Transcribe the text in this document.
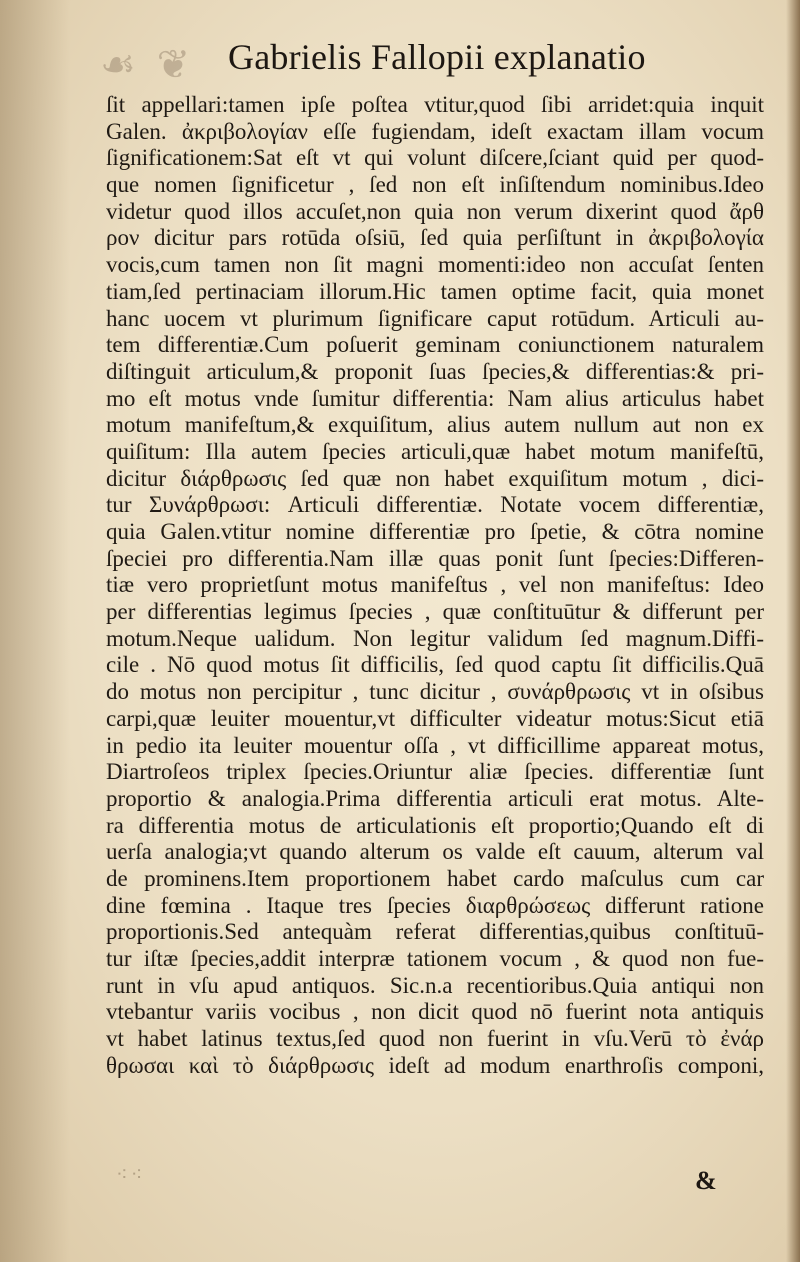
☙ ❦ Gabrielis Fallopii explanatio
ſit appellari:tamen ipſe poſtea vtitur,quod ſibi arridet:quia inquit
Galen. ἀκριβολογίαν eſſe fugiendam, ideſt exactam illam vocum
ſignificationem:Sat eſt vt qui volunt diſcere,ſciant quid per quod-
que nomen ſignificetur , ſed non eſt inſiſtendum nominibus.Ideo
videtur quod illos accuſet,non quia non verum dixerint quod ἄρθ
ρον dicitur pars rotūda oſsiū, ſed quia perſiſtunt in ἀκριβολογία
vocis,cum tamen non ſit magni momenti:ideo non accuſat ſenten
tiam,ſed pertinaciam illorum.Hic tamen optime facit, quia monet
hanc uocem vt plurimum ſignificare caput rotūdum. Articuli au-
tem differentiæ.Cum poſuerit geminam coniunctionem naturalem
diſtinguit articulum,& proponit ſuas ſpecies,& differentias:& pri-
mo eſt motus vnde ſumitur differentia: Nam alius articulus habet
motum manifeſtum,& exquiſitum, alius autem nullum aut non ex
quiſitum: Illa autem ſpecies articuli,quæ habet motum manifeſtū,
dicitur διάρθρωσις ſed quæ non habet exquiſitum motum , dici-
tur Συνάρθρωσι: Articuli differentiæ. Notate vocem differentiæ,
quia Galen.vtitur nomine differentiæ pro ſpetie, & cōtra nomine
ſpeciei pro differentia.Nam illæ quas ponit ſunt ſpecies:Differen-
tiæ vero proprietſunt motus manifeſtus , vel non manifeſtus: Ideo
per differentias legimus ſpecies , quæ conſtituūtur & differunt per
motum.Neque ualidum. Non legitur validum ſed magnum.Diffi-
cile . Nō quod motus ſit difficilis, ſed quod captu ſit difficilis.Quā
do motus non percipitur , tunc dicitur , συνάρθρωσις vt in oſsibus
carpi,quæ leuiter mouentur,vt difficulter videatur motus:Sicut etiā
in pedio ita leuiter mouentur oſſa , vt difficillime appareat motus,
Diartroſeos triplex ſpecies.Oriuntur aliæ ſpecies. differentiæ ſunt
proportio & analogia.Prima differentia articuli erat motus. Alte-
ra differentia motus de articulationis eſt proportio;Quando eſt di
uerſa analogia;vt quando alterum os valde eſt cauum, alterum val
de prominens.Item proportionem habet cardo maſculus cum car
dine fœmina . Itaque tres ſpecies διαρθρώσεως differunt ratione
proportionis.Sed antequàm referat differentias,quibus conſtituū-
tur iſtæ ſpecies,addit interpræ tationem vocum , & quod non fue-
runt in vſu apud antiquos. Sic.n.a recentioribus.Quia antiqui non
vtebantur variis vocibus , non dicit quod nō fuerint nota antiquis
vt habet latinus textus,ſed quod non fuerint in vſu.Verū τὸ ἐνάρ
θρωσαι καὶ τὸ διάρθρωσις ideſt ad modum enarthroſis componi,
⁖⁖	&
